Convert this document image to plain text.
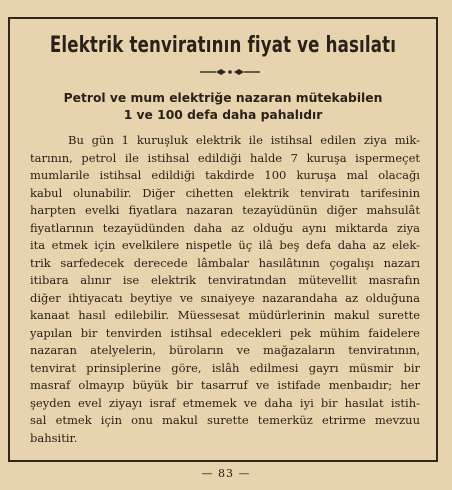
Elektrik tenviratının fiyat ve hasılatı
Petrol ve mum elektriğe nazaran mütekabilen
1 ve 100 defa daha pahalıdır
Bu gün 1 kuruşluk elektrik ile istihsal edilen ziya mik-
tarının, petrol ile istihsal edildiği halde 7 kuruşa ispermeçet
mumlarile istihsal edildiği takdirde 100 kuruşa mal olacağı
kabul olunabilir. Diğer cihetten elektrik tenviratı tarifesinin
harpten evelki fiyatlara nazaran tezayüdünün diğer mahsulât
fiyatlarının tezayüdünden daha az olduğu aynı miktarda ziya
ita etmek için evelkilere nispetle üç ilâ beş defa daha az elek-
trik sarfedecek derecede lâmbalar hasılâtının çogalışı nazarı
itibara alınır ise elektrik tenviratından mütevellit masrafın
diğer ihtiyacatı beytiye ve sınaiyeye nazarandaha az olduğuna
kanaat hasıl edilebilir. Müessesat müdürlerinin makul surette
yapılan bir tenvirden istihsal edecekleri pek mühim faidelere
nazaran atelyelerin, büroların ve mağazaların tenviratının,
tenvirat prinsiplerine göre, islâh edilmesi gayrı müsmir bir
masraf olmayıp büyük bir tasarruf ve istifade menbaıdır; her
şeyden evel ziyayı israf etmemek ve daha iyi bir hasılat istih-
sal etmek için onu makul surette temerküz etrirme mevzuu
bahsitir.
— 83 —
